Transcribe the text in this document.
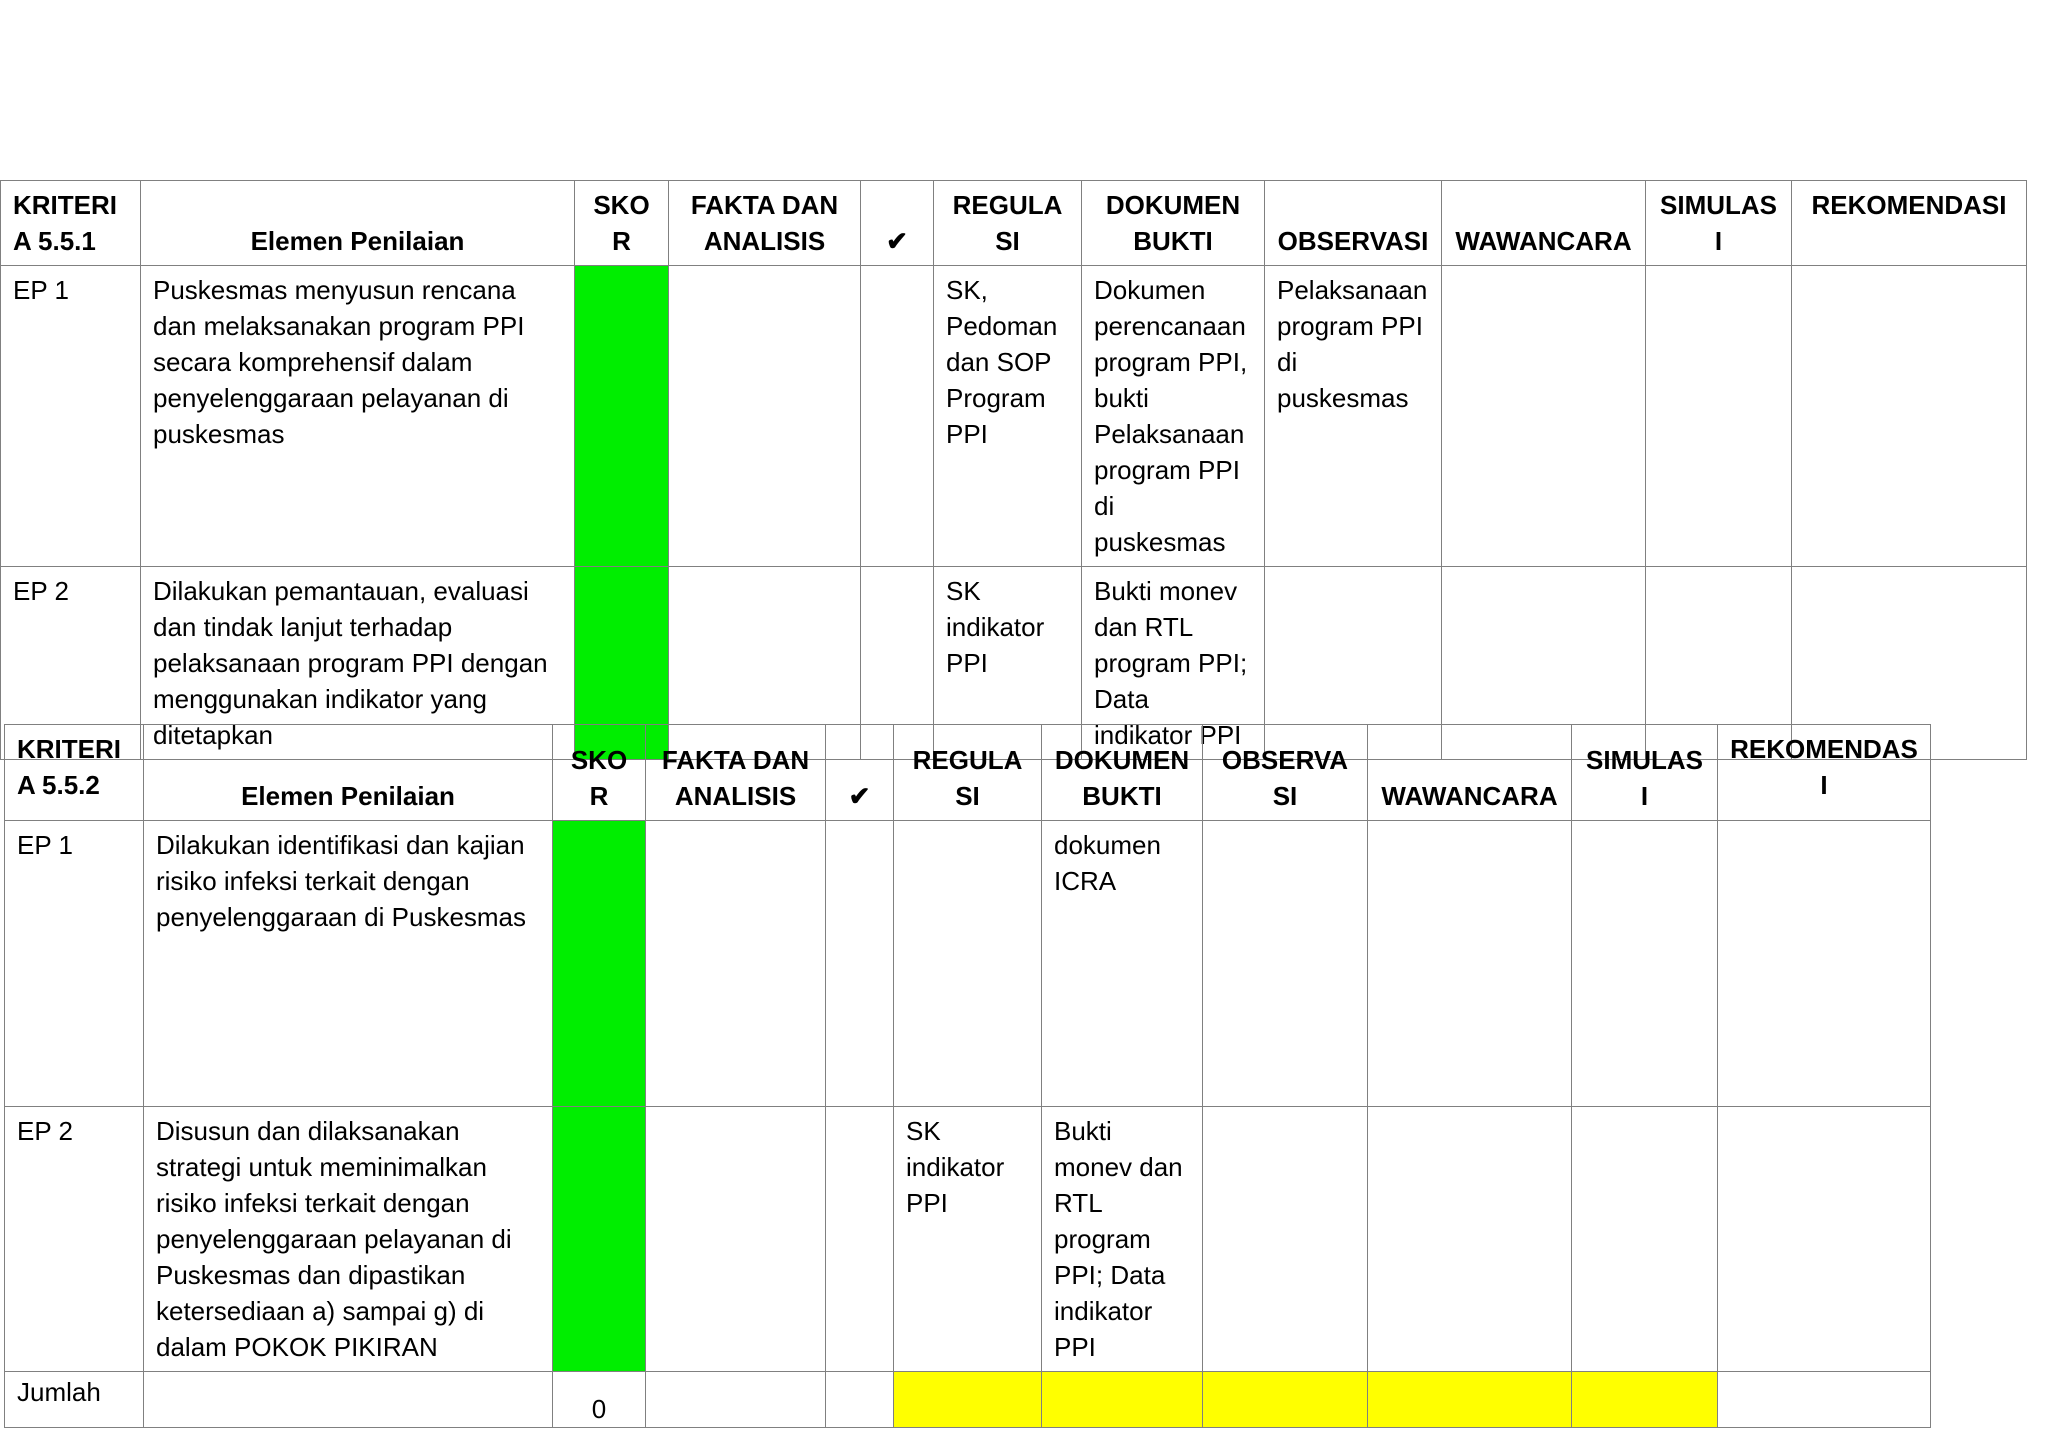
KRITERIA 5.5.1	Elemen Penilaian	SKOR	FAKTA DAN ANALISIS	✔	REGULASI	DOKUMEN BUKTI	OBSERVASI	WAWANCARA	SIMULASI	REKOMENDASI
EP 1	Puskesmas menyusun rencana dan melaksanakan program PPI secara komprehensif dalam penyelenggaraan pelayanan di puskesmas				SK, Pedoman dan SOP Program PPI	Dokumen perencanaan program PPI, bukti Pelaksanaan program PPI di puskesmas	Pelaksanaan program PPI di puskesmas			
EP 2	Dilakukan pemantauan, evaluasi dan tindak lanjut terhadap pelaksanaan program PPI dengan menggunakan indikator yang ditetapkan				SK indikator PPI	Bukti monev dan RTL program PPI; Data indikator PPI				
KRITERIA 5.5.2	Elemen Penilaian	SKOR	FAKTA DAN ANALISIS	✔	REGULASI	DOKUMEN BUKTI	OBSERVASI	WAWANCARA	SIMULASI	REKOMENDASI
EP 1	Dilakukan identifikasi dan kajian risiko infeksi terkait dengan penyelenggaraan di Puskesmas					dokumen ICRA				
EP 2	Disusun dan dilaksanakan strategi untuk meminimalkan risiko infeksi terkait dengan penyelenggaraan pelayanan di Puskesmas dan dipastikan ketersediaan a) sampai g) di dalam POKOK PIKIRAN				SK indikator PPI	Bukti monev dan RTL program PPI; Data indikator PPI				
Jumlah		0								
